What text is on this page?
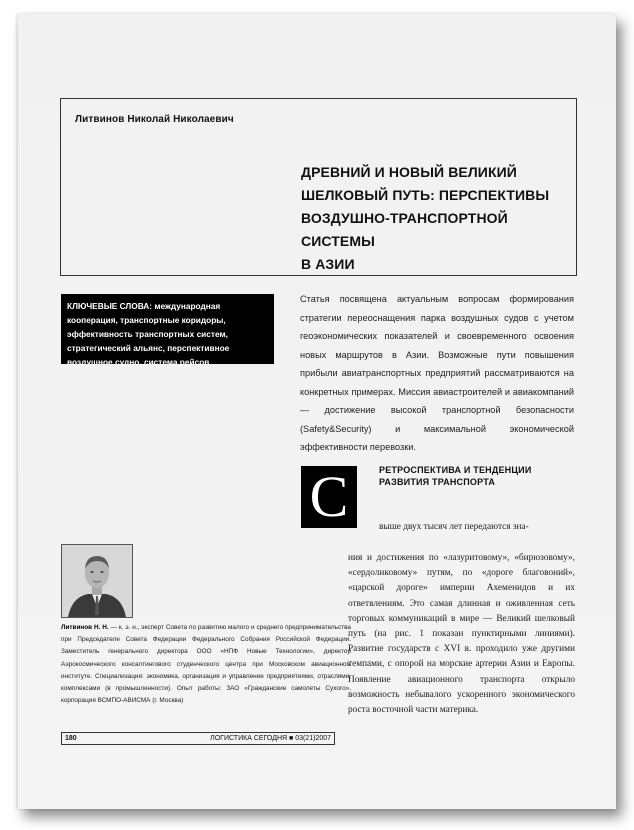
Литвинов Николай Николаевич
ДРЕВНИЙ И НОВЫЙ ВЕЛИКИЙ
ШЕЛКОВЫЙ ПУТЬ: ПЕРСПЕКТИВЫ
ВОЗДУШНО-ТРАНСПОРТНОЙ СИСТЕМЫ
В АЗИИ
КЛЮЧЕВЫЕ СЛОВА: международная кооперация, транспортные коридоры, эффективность транспортных систем, стратегический альянс, перспективное воздушное судно, система рейсов
Статья посвящена актуальным вопросам формирования стратегии переоснащения парка воздушных судов с учетом геоэкономических показателей и своевременного освоения новых маршрутов в Азии. Возможные пути повышения прибыли авиатранспортных предприятий рассматриваются на конкретных примерах. Миссия авиастроителей и авиакомпаний — достижение высокой транспортной безопасности (Safety&Security) и максимальной экономической эффективности перевозки.
С	РЕТРОСПЕКТИВА И ТЕНДЕНЦИИ
РАЗВИТИЯ ТРАНСПОРТА
выше двух тысяч лет передаются зна-
ния и достижения по «лазуритовому», «бирюзовому», «сердоликовому» путям, по «дороге благовоний», «царской дороге» империи Ахеменидов и их ответвлениям. Это самая длинная и оживленная сеть торговых коммуникаций в мире — Великий шелковый путь (на рис. 1 показан пунктирными линиями). Развитие государств с XVI в. проходило уже другими темпами, с опорой на морские артерии Азии и Европы. Появление авиационного транспорта открыло возможность небывалого ускоренного экономического роста восточной части материка.
Литвинов Н. Н. — к. э. н., эксперт Совета по развитию малого и среднего предпринимательства при Председателе Совета Федерации Федерального Собрания Российской Федерации. Заместитель генерального директора ООО «НПФ Новые Технологии», директор Аэрокосмического консалтингового студенческого центра при Московском авиационном институте. Специализация: экономика, организация и управление предприятиями, отраслями, комплексами (в промышленности). Опыт работы: ЗАО «Гражданские самолеты Сухого», корпорация ВСМПО-АВИСМА (г. Москва)
180	ЛОГИСТИКА СЕГОДНЯ ■ 03(21)2007
